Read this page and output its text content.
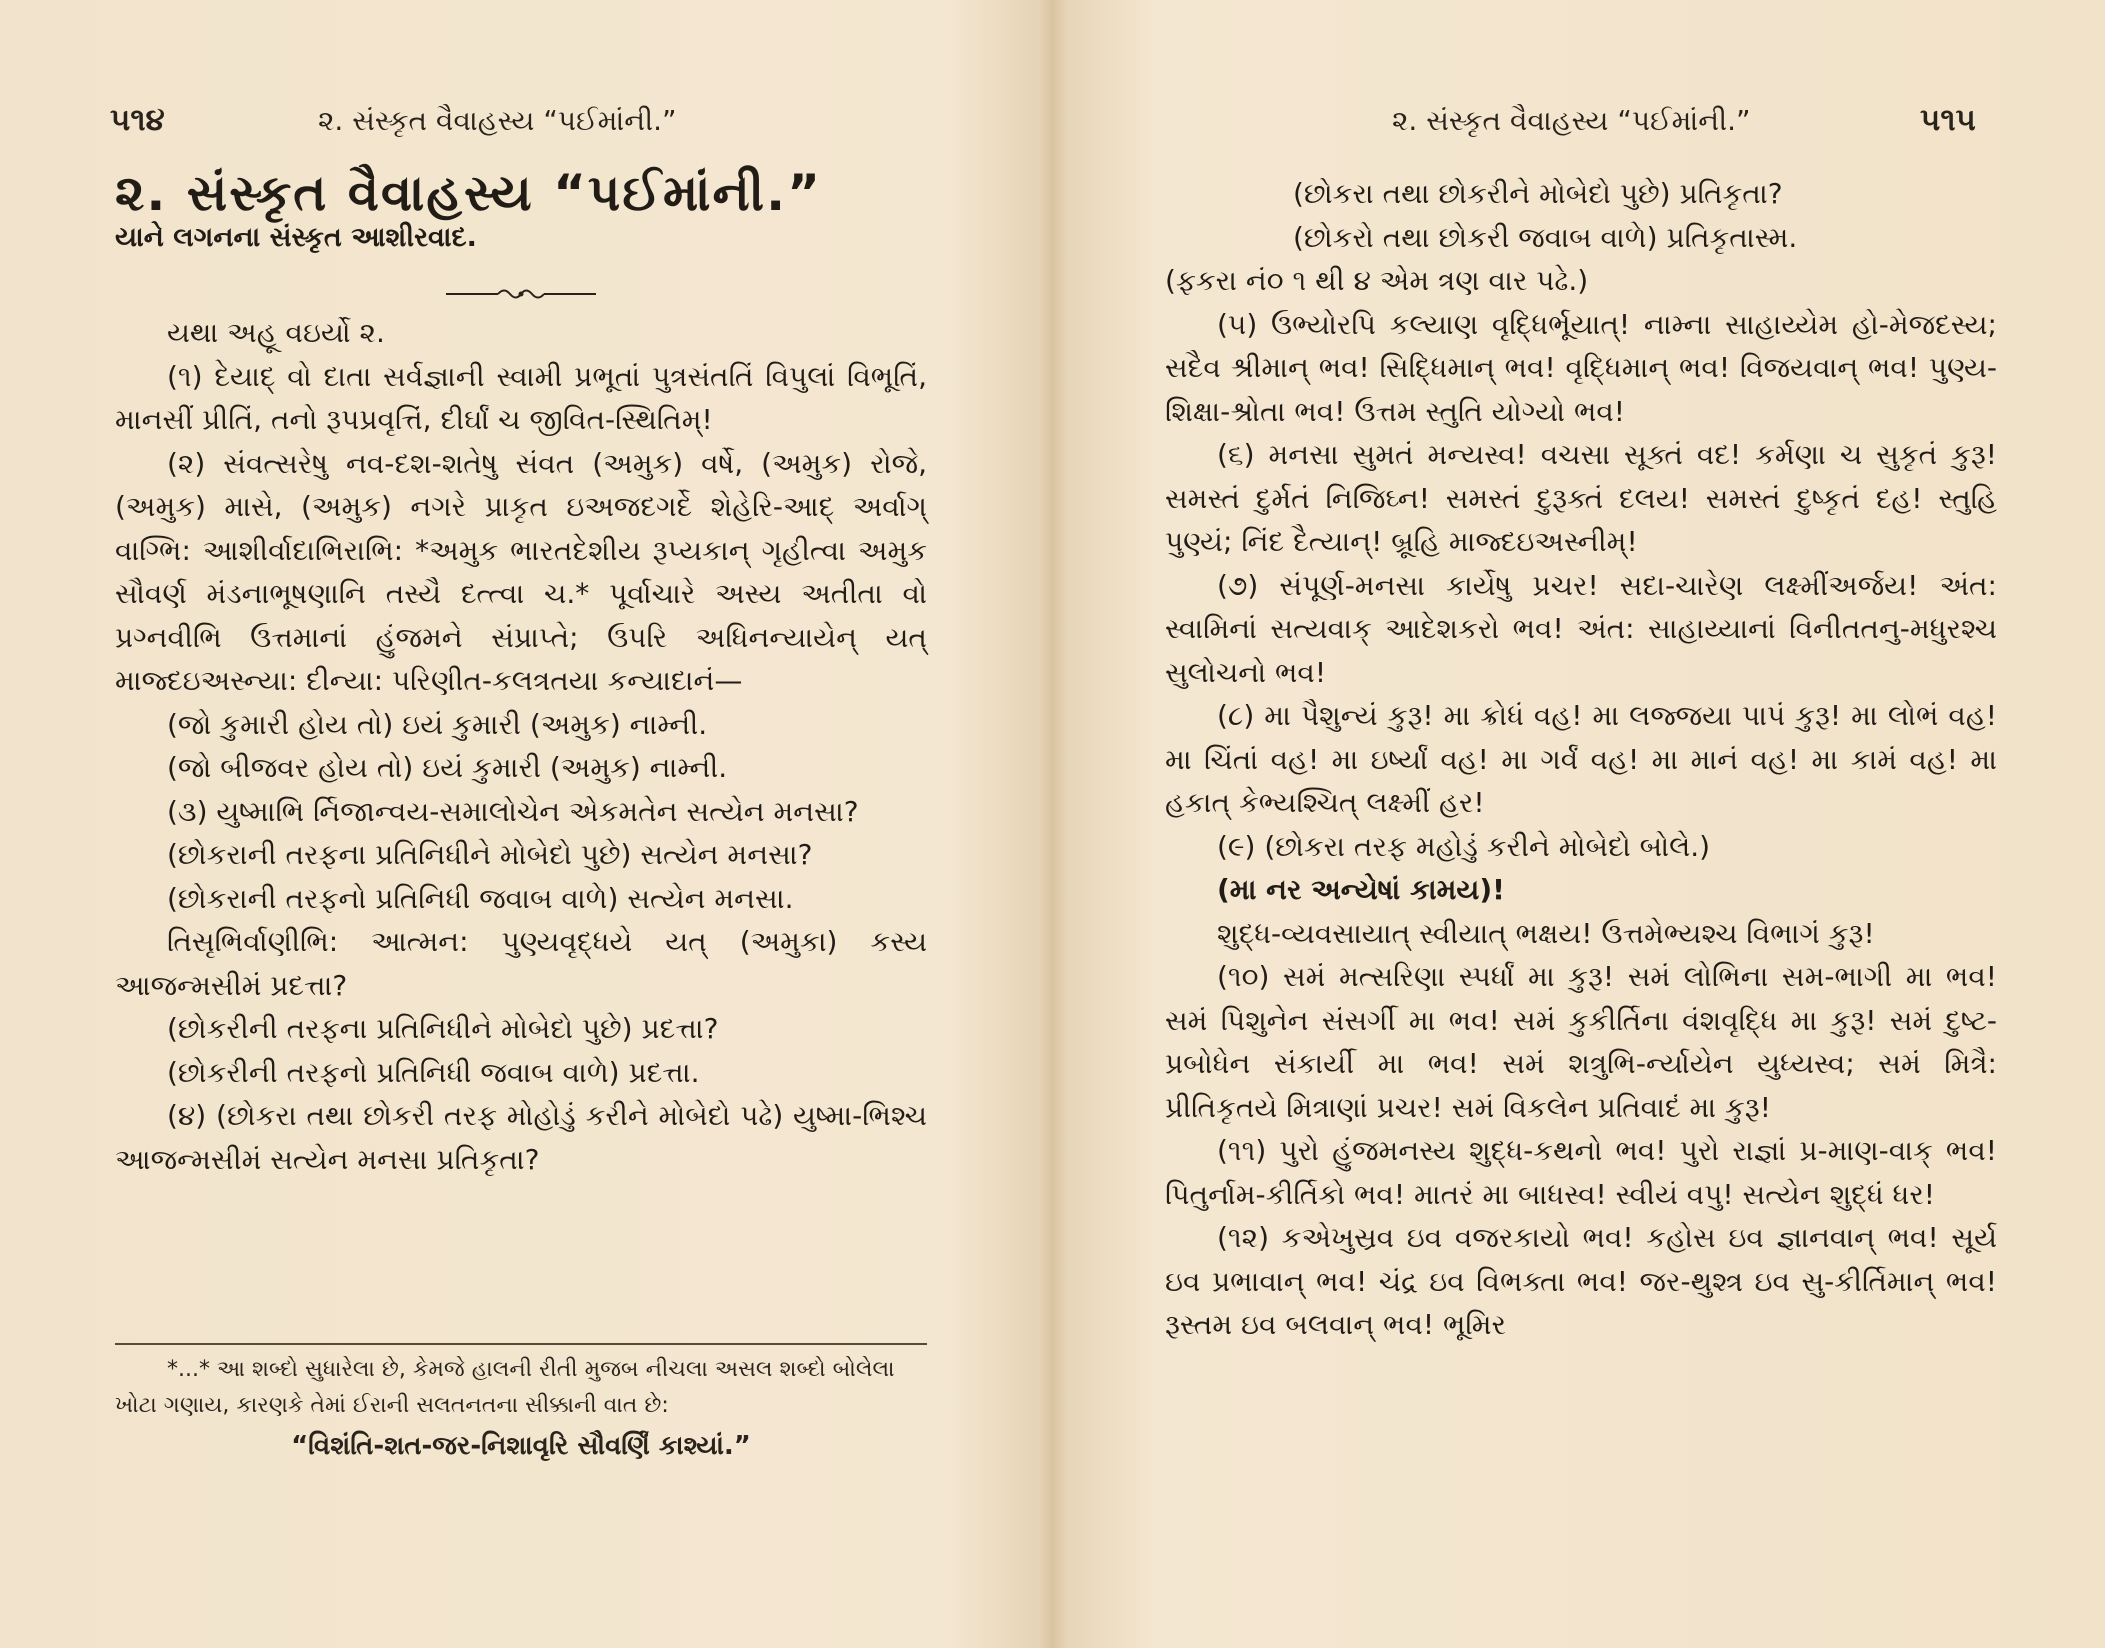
૫૧૪	૨. સંસ્કૃત વૈવાહસ્ય “પઈમાંની.”

૨. સંસ્કૃત વૈવાહસ્ય “પઈમાંની.”

યાને લગનના સંસ્કૃત આશીરવાદ.

યથા અહૂ વઇર્યો ૨.

(૧) દેયાદ્ વો દાતા સર્વજ્ઞાની સ્વામી પ્રભૂતાં પુત્રસંતતિં વિપુલાં વિભૂતિં, માનસીં પ્રીતિં, તનો રૂપપ્રવૃત્તિં, દીર્ઘાં ચ જીવિત-સ્થિતિમ્!

(૨) સંવત્સરેષુ નવ-દશ-શતેષુ સંવત (અમુક) વર્ષે, (અમુક) રોજે, (અમુક) માસે, (અમુક) નગરે પ્રાકૃત ઇઅજદગર્દે શેહેરિ-આદ્ અર્વાગ્ વાગ્ભિ: આશીર્વાદાભિરાભિ: *અમુક ભારતદેશીય રૂપ્યકાન્ ગૃહીત્વા અમુક સૌવર્ણ મંડનાભૂષણાનિ તસ્યૈ દત્ત્વા ચ.* પૂર્વાચારે અસ્ય અતીતા વો પ્રગ્નવીભિ ઉત્તમાનાં હુંજમને સંપ્રાપ્તે; ઉપરિ અધિનન્યાયેન્ યત્ માજ્દઇઅસ્ન્યા: દીન્યા: પરિણીત-કલત્રતયા કન્યાદાનં—

(જો કુમારી હોય તો) ઇયં કુમારી (અમુક) નામ્ની.

(જો બીજવર હોય તો) ઇયં કુમારી (અમુક) નામ્ની.

(૩) યુષ્માભિ ર્નિજાન્વય-સમાલોચેન એકમતેન સત્યેન મનસા?

(છોકરાની તરફના પ્રતિનિધીને મોબેદો પુછે) સત્યેન મનસા?

(છોકરાની તરફનો પ્રતિનિધી જવાબ વાળે) સત્યેન મનસા.

તિસૃભિર્વાણીભિ: આત્મન: પુણ્યવૃદ્ધયે યત્ (અમુકા) કસ્ય આજન્મસીમં પ્રદત્તા?

(છોકરીની તરફના પ્રતિનિધીને મોબેદો પુછે) પ્રદત્તા?

(છોકરીની તરફનો પ્રતિનિધી જવાબ વાળે) પ્રદત્તા.

(૪) (છોકરા તથા છોકરી તરફ મોહોડું કરીને મોબેદો પઢે) યુષ્મા-ભિશ્ચ આજન્મસીમં સત્યેન મનસા પ્રતિકૃતા?

*...* આ શબ્દો સુધારેલા છે, કેમજે હાલની રીતી મુજબ નીચલા અસલ શબ્દો બોલેલા ખોટા ગણાય, કારણકે તેમાં ઈરાની સલતનતના સીક્કાની વાત છે:

“વિશંતિ-શત-જર-નિશાવૃરિ સૌવર્ણિં કાશ્યાં.”

૨. સંસ્કૃત વૈવાહસ્ય “પઈમાંની.”	૫૧૫

(છોકરા તથા છોકરીને મોબેદો પુછે) પ્રતિકૃતા?

(છોકરો તથા છોકરી જવાબ વાળે) પ્રતિકૃતાસ્મ.

(ફકરા નં૦ ૧ થી ૪ એમ ત્રણ વાર પઢે.)

(૫) ઉભ્યોરપિ કલ્યાણ વૃદ્ધિર્ભૂયાત્! નામ્ના સાહાય્યેમ હો-મેજદસ્ય; સદૈવ શ્રીમાન્ ભવ! સિદ્ધિમાન્ ભવ! વૃદ્ધિમાન્ ભવ! વિજયવાન્ ભવ! પુણ્ય-શિક્ષા-શ્રોતા ભવ! ઉત્તમ સ્તુતિ યોગ્યો ભવ!

(૬) મનસા સુમતં મન્યસ્વ! વચસા સૂક્તં વદ! કર્મણા ચ સુકૃતં કુરૂ! સમસ્તં દુર્મતં નિજિઘ્ન! સમસ્તં દુરૂક્તં દલય! સમસ્તં દુષ્કૃતં દહ! સ્તુહિ પુણ્યં; નિંદ દૈત્યાન્! બ્રૂહિ માજ્દઇઅસ્નીમ્!

(૭) સંપૂર્ણ-મનસા કાર્યેષુ પ્રચર! સદા-ચારેણ લક્ષ્મીંઅર્જય! અંત: સ્વામિનાં સત્યવાક્ આદેશકરો ભવ! અંત: સાહાય્યાનાં વિનીતતનુ-મધુરશ્ચ સુલોચનો ભવ!

(૮) મા પૈશુન્યં કુરૂ! મા ક્રોધં વહ! મા લજ્જયા પાપં કુરૂ! મા લોભં વહ! મા ચિંતાં વહ! મા ઇર્ષ્યાં વહ! મા ગર્વં વહ! મા માનં વહ! મા કામં વહ! મા હકાત્ કેભ્યશ્ચિત્ લક્ષ્મીં હર!

(૯) (છોકરા તરફ મહોડું કરીને મોબેદો બોલે.)

(મા નર અન્યેષાં કામય)!

શુદ્ધ-વ્યવસાયાત્ સ્વીયાત્ ભક્ષય! ઉત્તમેભ્યશ્ચ વિભાગં કુરૂ!

(૧૦) સમં મત્સરિણા સ્પર્ધાં મા કુરૂ! સમં લોભિના સમ-ભાગી મા ભવ! સમં પિશુનેન સંસર્ગી મા ભવ! સમં કુકીર્તિના વંશવૃદ્ધિ મા કુરૂ! સમં દુષ્ટ-પ્રબોધેન સંકાર્યી મા ભવ! સમં શત્રુભિ-ર્ન્યાયેન યુધ્યસ્વ; સમં મિત્રૈ: પ્રીતિકૃતયે મિત્રાણાં પ્રચર! સમં વિકલેન પ્રતિવાદં મા કુરૂ!

(૧૧) પુરો હુંજમનસ્ય શુદ્ધ-કથનો ભવ! પુરો રાજ્ઞાં પ્ર-માણ-વાક્ ભવ! પિતુર્નામ-કીર્તિકો ભવ! માતરં મા બાધસ્વ! સ્વીયં વપુ! સત્યેન શુદ્ધં ધર!

(૧૨) કએખુસ્રવ ઇવ વજરકાયો ભવ! કહોસ ઇવ જ્ઞાનવાન્ ભવ! સૂર્ય ઇવ પ્રભાવાન્ ભવ! ચંદ્ર ઇવ વિભક્તા ભવ! જર-થુશ્ત્ર ઇવ સુ-કીર્તિમાન્ ભવ! રૂસ્તમ ઇવ બલવાન્ ભવ! ભૂમિર
